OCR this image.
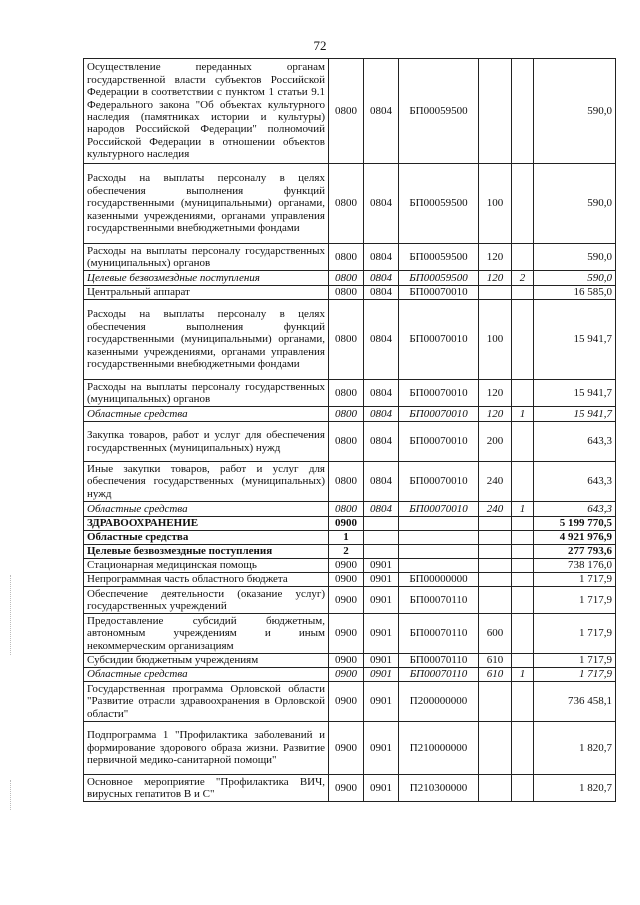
72
Осуществление переданных органам государственной власти субъектов Российской Федерации в соответствии с пунктом 1 статьи 9.1 Федерального закона "Об объектах культурного наследия (памятниках истории и культуры) народов Российской Федерации" полномочий Российской Федерации в отношении объектов культурного наследия	0800	0804	БП00059500			590,0
Расходы на выплаты персоналу в целях обеспечения выполнения функций государственными (муниципальными) органами, казенными учреждениями, органами управления государственными внебюджетными фондами	0800	0804	БП00059500	100		590,0
Расходы на выплаты персоналу государственных (муниципальных) органов	0800	0804	БП00059500	120		590,0
Целевые безвозмездные поступления	0800	0804	БП00059500	120	2	590,0
Центральный аппарат	0800	0804	БП00070010			16 585,0
Расходы на выплаты персоналу в целях обеспечения выполнения функций государственными (муниципальными) органами, казенными учреждениями, органами управления государственными внебюджетными фондами	0800	0804	БП00070010	100		15 941,7
Расходы на выплаты персоналу государственных (муниципальных) органов	0800	0804	БП00070010	120		15 941,7
Областные средства	0800	0804	БП00070010	120	1	15 941,7
Закупка товаров, работ и услуг для обеспечения государственных (муниципальных) нужд	0800	0804	БП00070010	200		643,3
Иные закупки товаров, работ и услуг для обеспечения государственных (муниципальных) нужд	0800	0804	БП00070010	240		643,3
Областные средства	0800	0804	БП00070010	240	1	643,3
ЗДРАВООХРАНЕНИЕ	0900					5 199 770,5
Областные средства	1					4 921 976,9
Целевые безвозмездные поступления	2					277 793,6
Стационарная медицинская помощь	0900	0901				738 176,0
Непрограммная часть областного бюджета	0900	0901	БП00000000			1 717,9
Обеспечение деятельности (оказание услуг) государственных учреждений	0900	0901	БП00070110			1 717,9
Предоставление субсидий бюджетным, автономным учреждениям и иным некоммерческим организациям	0900	0901	БП00070110	600		1 717,9
Субсидии бюджетным учреждениям	0900	0901	БП00070110	610		1 717,9
Областные средства	0900	0901	БП00070110	610	1	1 717,9
Государственная программа Орловской области "Развитие отрасли здравоохранения в Орловской области"	0900	0901	П200000000			736 458,1
Подпрограмма 1 "Профилактика заболеваний и формирование здорового образа жизни. Развитие первичной медико-санитарной помощи"	0900	0901	П210000000			1 820,7
Основное мероприятие "Профилактика ВИЧ, вирусных гепатитов В и С"	0900	0901	П210300000			1 820,7
